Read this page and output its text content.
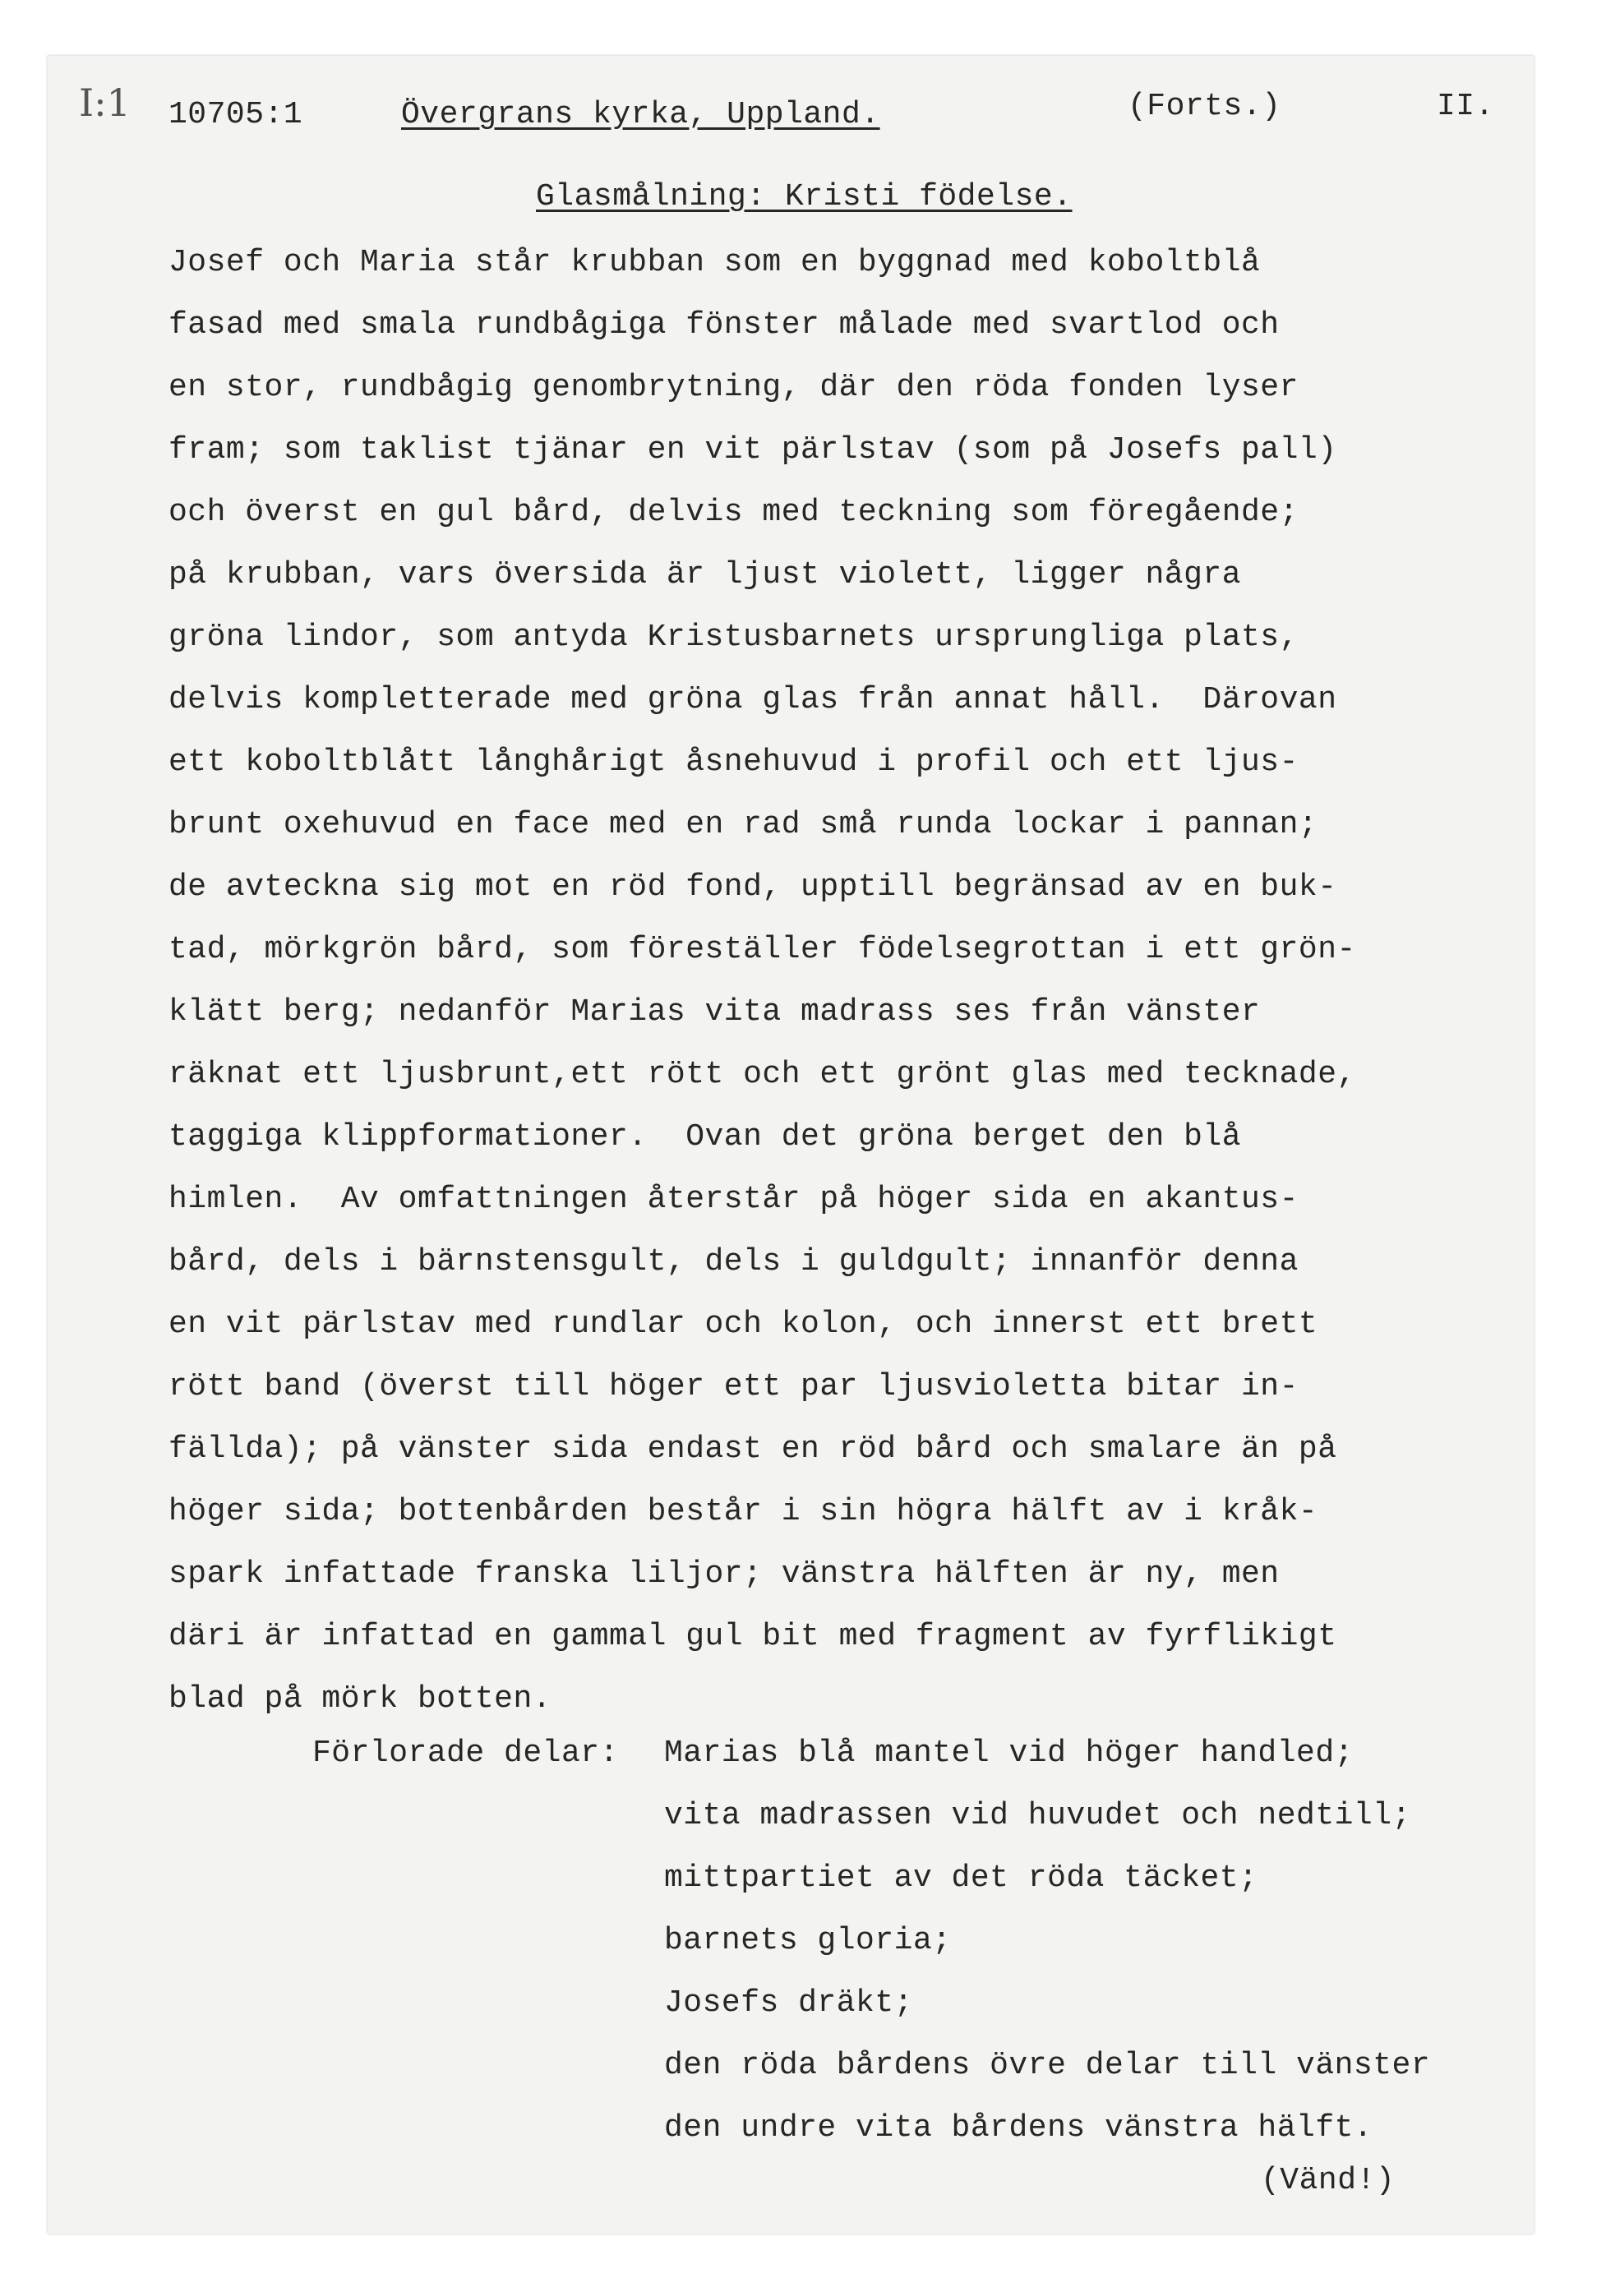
I:1 10705:1	Övergrans kyrka, Uppland.	(Forts.)	II.
Glasmålning: Kristi födelse.
Josef och Maria står krubban som en byggnad med koboltblå
fasad med smala rundbågiga fönster målade med svartlod och
en stor, rundbågig genombrytning, där den röda fonden lyser
fram; som taklist tjänar en vit pärlstav (som på Josefs pall)
och överst en gul bård, delvis med teckning som föregående;
på krubban, vars översida är ljust violett, ligger några
gröna lindor, som antyda Kristusbarnets ursprungliga plats,
delvis kompletterade med gröna glas från annat håll.  Därovan
ett koboltblått långhårigt åsnehuvud i profil och ett ljus-
brunt oxehuvud en face med en rad små runda lockar i pannan;
de avteckna sig mot en röd fond, upptill begränsad av en buk-
tad, mörkgrön bård, som föreställer födelsegrottan i ett grön-
klätt berg; nedanför Marias vita madrass ses från vänster
räknat ett ljusbrunt,ett rött och ett grönt glas med tecknade,
taggiga klippformationer.  Ovan det gröna berget den blå
himlen.  Av omfattningen återstår på höger sida en akantus-
bård, dels i bärnstensgult, dels i guldgult; innanför denna
en vit pärlstav med rundlar och kolon, och innerst ett brett
rött band (överst till höger ett par ljusvioletta bitar in-
fällda); på vänster sida endast en röd bård och smalare än på
höger sida; bottenbården består i sin högra hälft av i kråk-
spark infattade franska liljor; vänstra hälften är ny, men
däri är infattad en gammal gul bit med fragment av fyrflikigt
blad på mörk botten.
Förlorade delar: Marias blå mantel vid höger handled;
vita madrassen vid huvudet och nedtill;
mittpartiet av det röda täcket;
barnets gloria;
Josefs dräkt;
den röda bårdens övre delar till vänster
den undre vita bårdens vänstra hälft.
(Vänd!)
